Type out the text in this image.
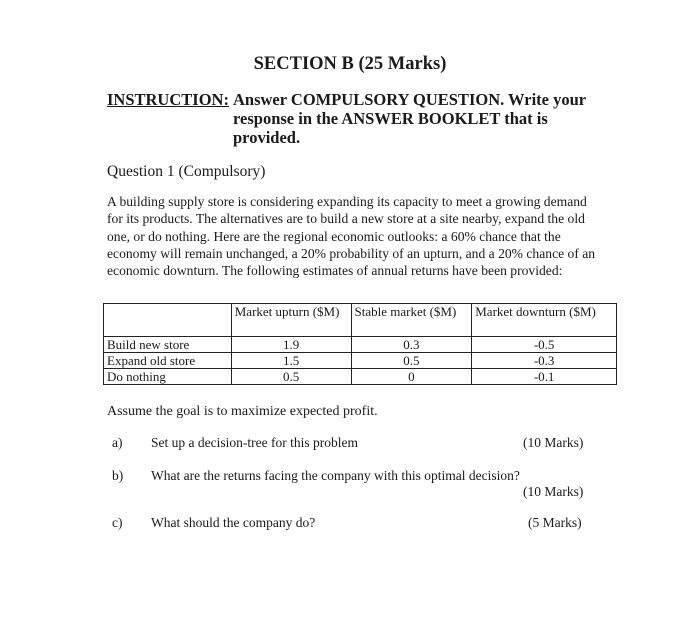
SECTION B (25 Marks)
INSTRUCTION: Answer COMPULSORY QUESTION. Write your
response in the ANSWER BOOKLET that is
provided.
Question 1 (Compulsory)
A building supply store is considering expanding its capacity to meet a growing demand
for its products. The alternatives are to build a new store at a site nearby, expand the old
one, or do nothing. Here are the regional economic outlooks: a 60% chance that the
economy will remain unchanged, a 20% probability of an upturn, and a 20% chance of an
economic downturn. The following estimates of annual returns have been provided:
	Market upturn ($M)	Stable market ($M)	Market downturn ($M)
Build new store	1.9	0.3	-0.5
Expand old store	1.5	0.5	-0.3
Do nothing	0.5	0	-0.1
Assume the goal is to maximize expected profit.
a) Set up a decision-tree for this problem	(10 Marks)
b) What are the returns facing the company with this optimal decision?
(10 Marks)
c) What should the company do?	(5 Marks)
